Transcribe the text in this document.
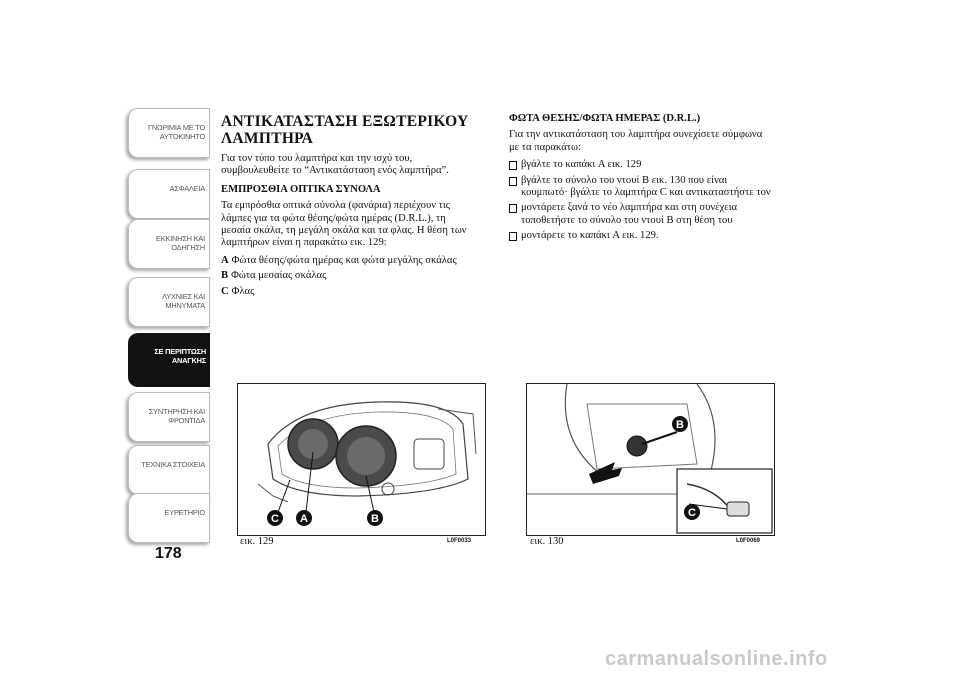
ΓΝΩΡΙΜΙΑ ΜΕ ΤΟ ΑΥΤΟΚΙΝΗΤΟ
ΑΣΦΑΛΕΙΑ
ΕΚΚΙΝΗΣΗ ΚΑΙ ΟΔΗΓΗΣΗ
ΛΥΧΝΙΕΣ ΚΑΙ ΜΗΝΥΜΑΤΑ
ΣΕ ΠΕΡΙΠΤΩΣΗ ΑΝΑΓΚΗΣ
ΣΥΝΤΗΡΗΣΗ ΚΑΙ ΦΡΟΝΤΙΔΑ
ΤΕΧΝΙΚΑ ΣΤΟΙΧΕΙΑ
ΕΥΡΕΤΗΡΙΟ
178
ΑΝΤΙΚΑΤΑΣΤΑΣΗ ΕΞΩΤΕΡΙΚΟΥ ΛΑΜΠΤΗΡΑ

Για τον τύπο του λαμπτήρα και την ισχύ του, συμβουλευθείτε το “Αντικατάσταση ενός λαμπτήρα”.

ΕΜΠΡΟΣΘΙΑ ΟΠΤΙΚΑ ΣΥΝΟΛΑ

Τα εμπρόσθια οπτικά σύνολα (φανάρια) περιέχουν τις λάμπες για τα φώτα θέσης/φώτα ημέρας (D.R.L.), τη μεσαία σκάλα, τη μεγάλη σκάλα και τα φλας. Η θέση των λαμπτήρων είναι η παρακάτω εικ. 129:

A Φώτα θέσης/φώτα ημέρας και φώτα μεγάλης σκάλας
B Φώτα μεσαίας σκάλας
C Φλας
ΦΩΤΑ ΘΕΣΗΣ/ΦΩΤΑ ΗΜΕΡΑΣ (D.R.L.)

Για την αντικατάσταση του λαμπτήρα συνεχίσετε σύμφωνα με τα παρακάτω:

βγάλτε το καπάκι A εικ. 129
βγάλτε το σύνολο του ντουί B εικ. 130 που είναι κουμπωτό· βγάλτε το λαμπτήρα C και αντικαταστήστε τον
μοντάρετε ξανά το νέο λαμπτήρα και στη συνέχεια τοποθετήστε το σύνολο του ντουί B στη θέση του
μοντάρετε το καπάκι A εικ. 129.
C A	B
εικ. 129	L0F0033
B
C
εικ. 130	L0F0069
carmanualsonline.info
